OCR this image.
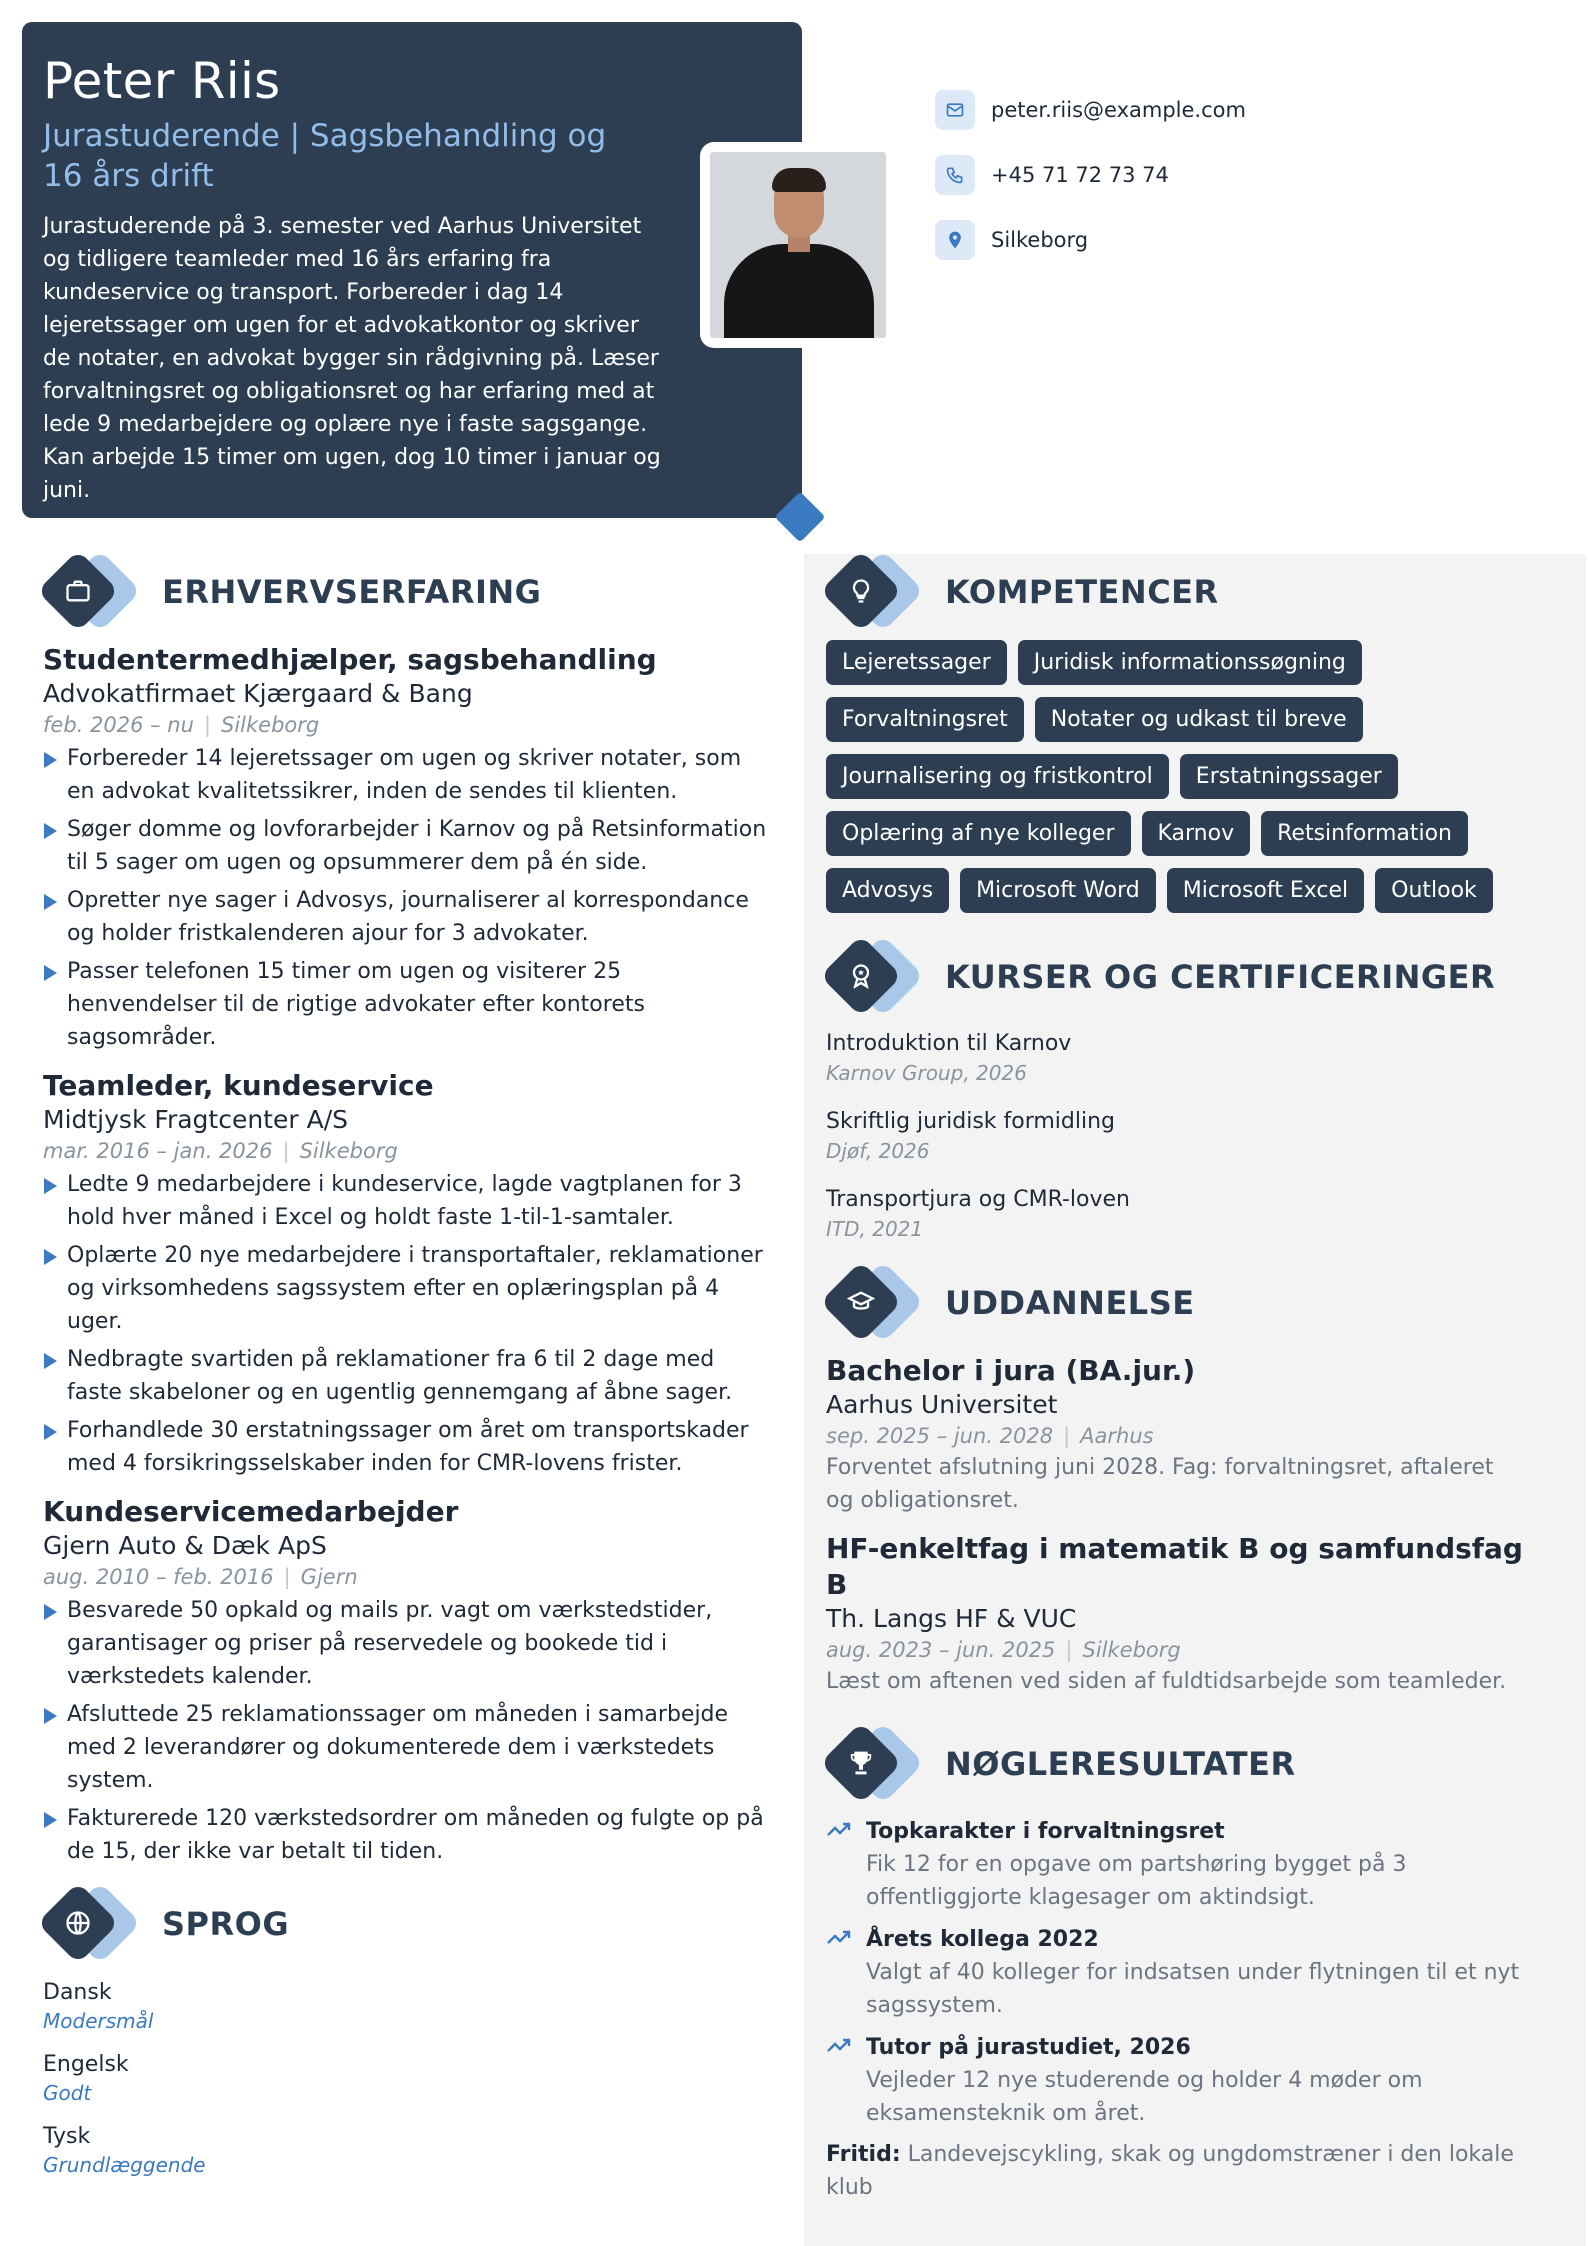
Peter Riis
Jurastuderende | Sagsbehandling og 16 års drift

Jurastuderende på 3. semester ved Aarhus Universitet og tidligere teamleder med 16 års erfaring fra kundeservice og transport. Forbereder i dag 14 lejeretssager om ugen for et advokatkontor og skriver de notater, en advokat bygger sin rådgivning på. Læser forvaltningsret og obligationsret og har erfaring med at lede 9 medarbejdere og oplære nye i faste sagsgange. Kan arbejde 15 timer om ugen, dog 10 timer i januar og juni.

peter.riis@example.com
+45 71 72 73 74
Silkeborg
ERHVERVSERFARING
Studentermedhjælper, sagsbehandling
Advokatfirmaet Kjærgaard & Bang
feb. 2026 – nu | Silkeborg
Forbereder 14 lejeretssager om ugen og skriver notater, som en advokat kvalitetssikrer, inden de sendes til klienten.
Søger domme og lovforarbejder i Karnov og på Retsinformation til 5 sager om ugen og opsummerer dem på én side.
Opretter nye sager i Advosys, journaliserer al korrespondance og holder fristkalenderen ajour for 3 advokater.
Passer telefonen 15 timer om ugen og visiterer 25 henvendelser til de rigtige advokater efter kontorets sagsområder.
Teamleder, kundeservice
Midtjysk Fragtcenter A/S
mar. 2016 – jan. 2026 | Silkeborg
Ledte 9 medarbejdere i kundeservice, lagde vagtplanen for 3 hold hver måned i Excel og holdt faste 1-til-1-samtaler.
Oplærte 20 nye medarbejdere i transportaftaler, reklamationer og virksomhedens sagssystem efter en oplæringsplan på 4 uger.
Nedbragte svartiden på reklamationer fra 6 til 2 dage med faste skabeloner og en ugentlig gennemgang af åbne sager.
Forhandlede 30 erstatningssager om året om transportskader med 4 forsikringsselskaber inden for CMR-lovens frister.
Kundeservicemedarbejder
Gjern Auto & Dæk ApS
aug. 2010 – feb. 2016 | Gjern
Besvarede 50 opkald og mails pr. vagt om værkstedstider, garantisager og priser på reservedele og bookede tid i værkstedets kalender.
Afsluttede 25 reklamationssager om måneden i samarbejde med 2 leverandører og dokumenterede dem i værkstedets system.
Fakturerede 120 værkstedsordrer om måneden og fulgte op på de 15, der ikke var betalt til tiden.
SPROG
Dansk
Modersmål
Engelsk
Godt
Tysk
Grundlæggende
KOMPETENCER
Lejeretssager	Juridisk informationssøgning
Forvaltningsret	Notater og udkast til breve
Journalisering og fristkontrol	Erstatningssager
Oplæring af nye kolleger	Karnov	Retsinformation
Advosys	Microsoft Word	Microsoft Excel	Outlook
KURSER OG CERTIFICERINGER
Introduktion til Karnov
Karnov Group, 2026
Skriftlig juridisk formidling
Djøf, 2026
Transportjura og CMR-loven
ITD, 2021
UDDANNELSE
Bachelor i jura (BA.jur.)
Aarhus Universitet
sep. 2025 – jun. 2028 | Aarhus
Forventet afslutning juni 2028. Fag: forvaltningsret, aftaleret og obligationsret.
HF-enkeltfag i matematik B og samfundsfag B
Th. Langs HF & VUC
aug. 2023 – jun. 2025 | Silkeborg
Læst om aftenen ved siden af fuldtidsarbejde som teamleder.
NØGLERESULTATER
Topkarakter i forvaltningsret
Fik 12 for en opgave om partshøring bygget på 3 offentliggjorte klagesager om aktindsigt.
Årets kollega 2022
Valgt af 40 kolleger for indsatsen under flytningen til et nyt sagssystem.
Tutor på jurastudiet, 2026
Vejleder 12 nye studerende og holder 4 møder om eksamensteknik om året.

Fritid: Landevejscykling, skak og ungdomstræner i den lokale klub
